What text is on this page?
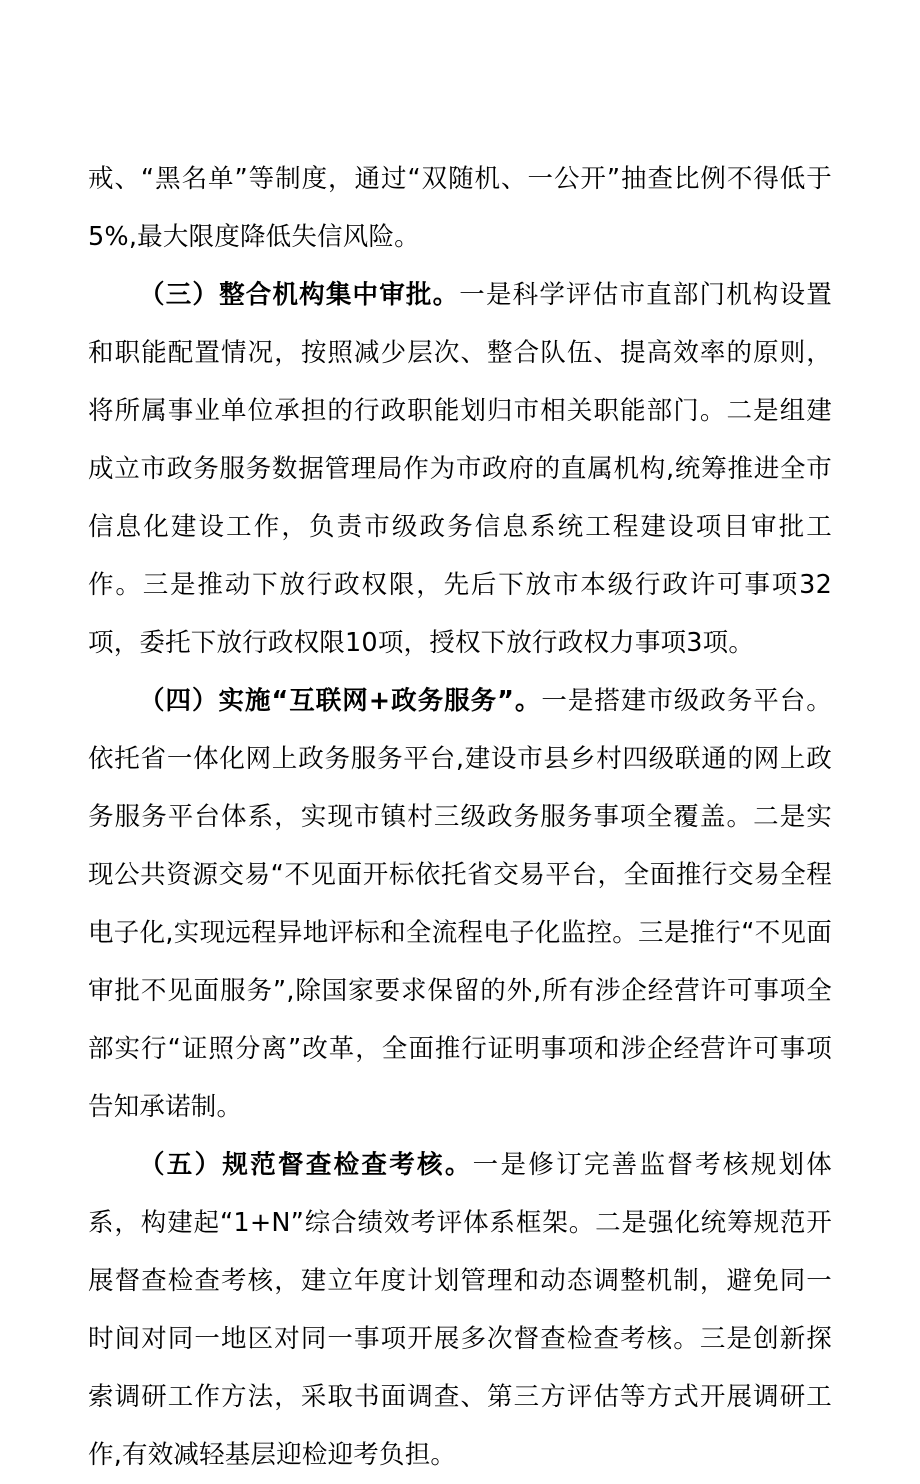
戒、“黑名单”等制度，通过“双随机、一公开”抽查比例不得低于5%,最大限度降低失信风险。

（三）整合机构集中审批。一是科学评估市直部门机构设置和职能配置情况，按照减少层次、整合队伍、提高效率的原则，将所属事业单位承担的行政职能划归市相关职能部门。二是组建成立市政务服务数据管理局作为市政府的直属机构,统筹推进全市信息化建设工作，负责市级政务信息系统工程建设项目审批工作。三是推动下放行政权限，先后下放市本级行政许可事项32项，委托下放行政权限10项，授权下放行政权力事项3项。

（四）实施“互联网+政务服务”。一是搭建市级政务平台。依托省一体化网上政务服务平台,建设市县乡村四级联通的网上政务服务平台体系，实现市镇村三级政务服务事项全覆盖。二是实现公共资源交易“不见面开标依托省交易平台，全面推行交易全程电子化,实现远程异地评标和全流程电子化监控。三是推行“不见面审批不见面服务”,除国家要求保留的外,所有涉企经营许可事项全部实行“证照分离”改革，全面推行证明事项和涉企经营许可事项告知承诺制。

（五）规范督查检查考核。一是修订完善监督考核规划体系，构建起“1+N”综合绩效考评体系框架。二是强化统筹规范开展督查检查考核，建立年度计划管理和动态调整机制，避免同一时间对同一地区对同一事项开展多次督查检查考核。三是创新探索调研工作方法，采取书面调查、第三方评估等方式开展调研工作,有效减轻基层迎检迎考负担。
